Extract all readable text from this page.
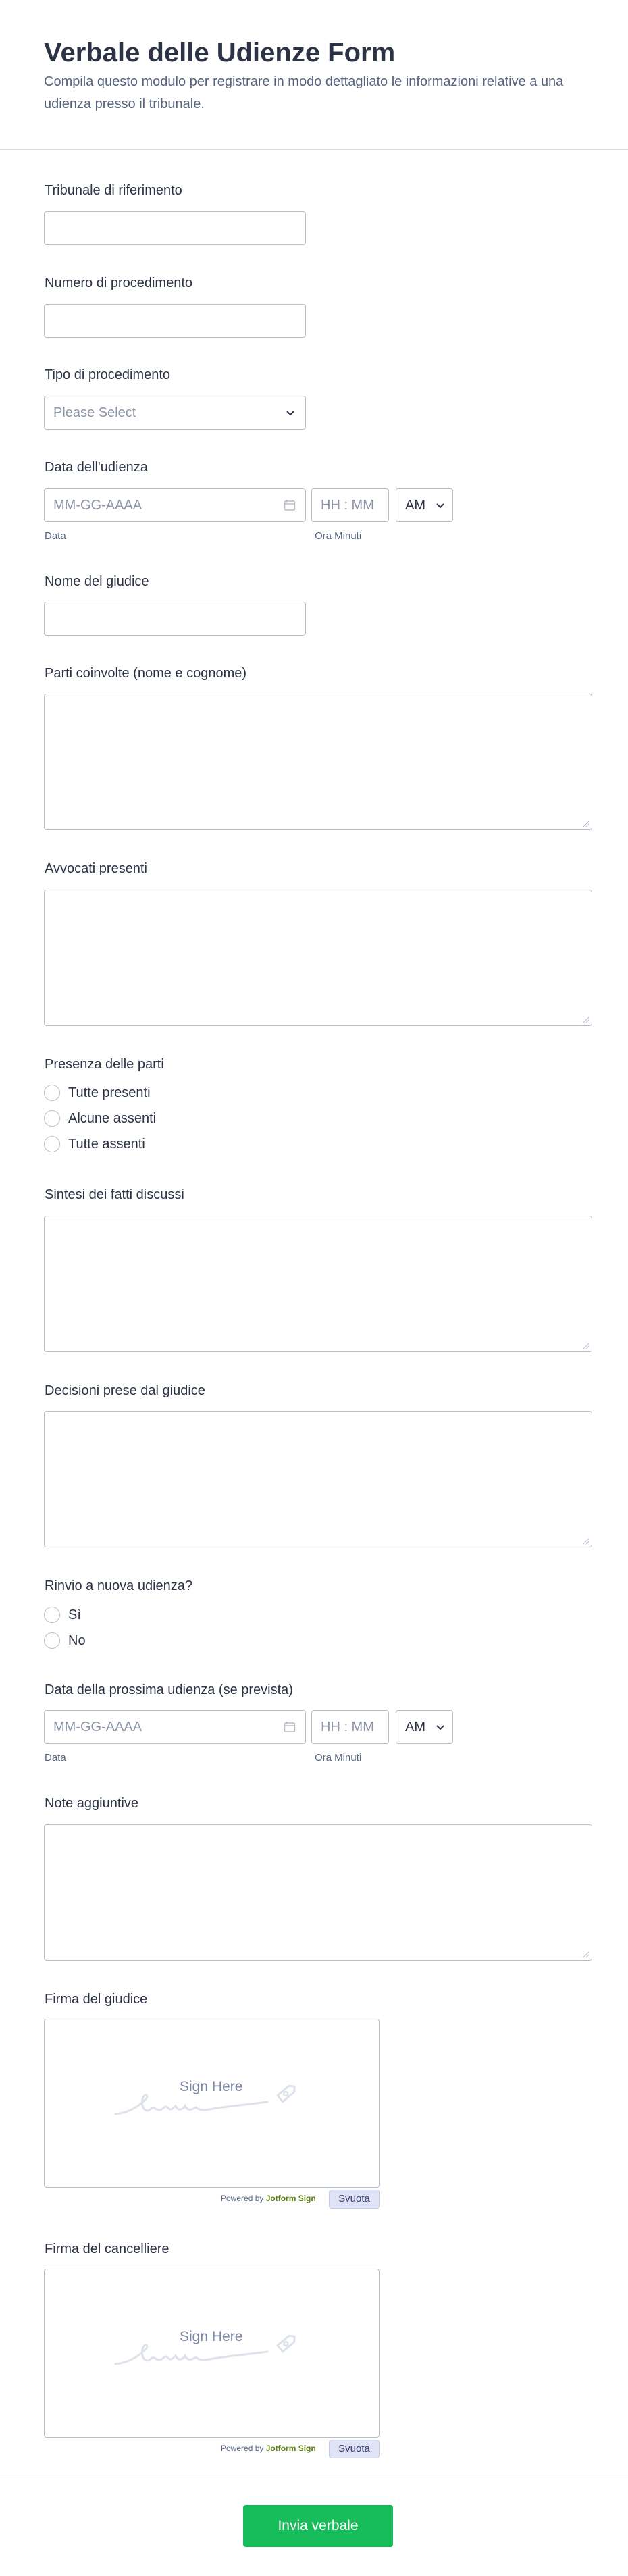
Verbale delle Udienze Form
Compila questo modulo per registrare in modo dettagliato le informazioni relative a una udienza presso il tribunale.
Tribunale di riferimento
Numero di procedimento
Tipo di procedimento
Please Select
Data dell'udienza
MM-GG-AAAA	HH : MM AM
Data	Ora Minuti
Nome del giudice
Parti coinvolte (nome e cognome)
Avvocati presenti
Presenza delle parti
Tutte presenti
Alcune assenti
Tutte assenti
Sintesi dei fatti discussi
Decisioni prese dal giudice
Rinvio a nuova udienza?
Sì
No
Data della prossima udienza (se prevista)
MM-GG-AAAA	HH : MM AM
Data	Ora Minuti
Note aggiuntive
Firma del giudice
Sign Here
Powered by Jotform Sign	Svuota
Firma del cancelliere
Sign Here
Powered by Jotform Sign	Svuota
Invia verbale
